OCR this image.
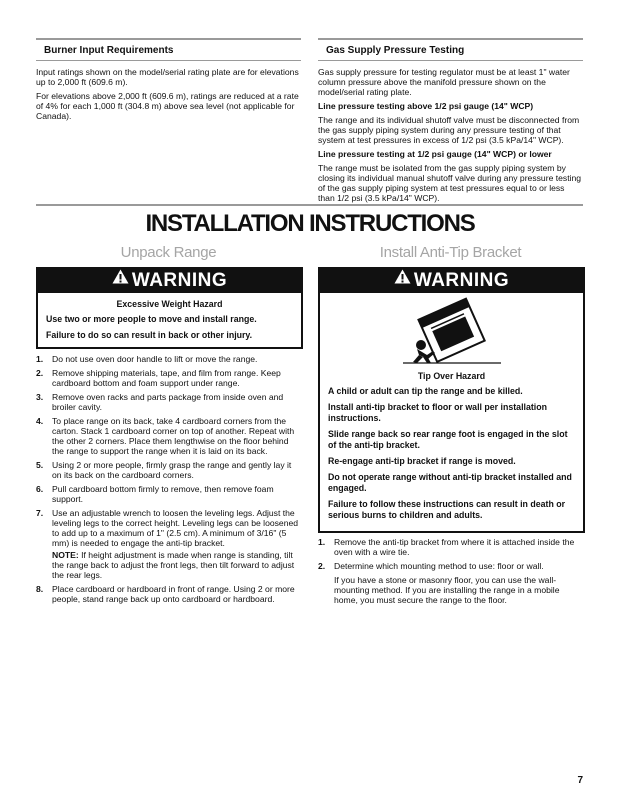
Burner Input Requirements

Input ratings shown on the model/serial rating plate are for elevations up to 2,000 ft (609.6 m).

For elevations above 2,000 ft (609.6 m), ratings are reduced at a rate of 4% for each 1,000 ft (304.8 m) above sea level (not applicable for Canada).

Gas Supply Pressure Testing

Gas supply pressure for testing regulator must be at least 1" water column pressure above the manifold pressure shown on the model/serial rating plate.

Line pressure testing above 1/2 psi gauge (14" WCP)

The range and its individual shutoff valve must be disconnected from the gas supply piping system during any pressure testing of that system at test pressures in excess of 1/2 psi (3.5 kPa/14" WCP).

Line pressure testing at 1/2 psi gauge (14" WCP) or lower

The range must be isolated from the gas supply piping system by closing its individual manual shutoff valve during any pressure testing of the gas supply piping system at test pressures equal to or less than 1/2 psi (3.5 kPa/14" WCP).

INSTALLATION INSTRUCTIONS
Unpack Range	Install Anti-Tip Bracket
WARNING
Excessive Weight Hazard
Use two or more people to move and install range.
Failure to do so can result in back or other injury.
1. Do not use oven door handle to lift or move the range.
2. Remove shipping materials, tape, and film from range. Keep cardboard bottom and foam support under range.
3. Remove oven racks and parts package from inside oven and broiler cavity.
4. To place range on its back, take 4 cardboard corners from the carton. Stack 1 cardboard corner on top of another. Repeat with the other 2 corners. Place them lengthwise on the floor behind the range to support the range when it is laid on its back.
5. Using 2 or more people, firmly grasp the range and gently lay it on its back on the cardboard corners.
6. Pull cardboard bottom firmly to remove, then remove foam support.
7. Use an adjustable wrench to loosen the leveling legs. Adjust the leveling legs to the correct height. Leveling legs can be loosened to add up to a maximum of 1" (2.5 cm). A minimum of 3/16" (5 mm) is needed to engage the anti-tip bracket.
NOTE: If height adjustment is made when range is standing, tilt the range back to adjust the front legs, then tilt forward to adjust the rear legs.
8. Place cardboard or hardboard in front of range. Using 2 or more people, stand range back up onto cardboard or hardboard.
WARNING
Tip Over Hazard
A child or adult can tip the range and be killed.
Install anti-tip bracket to floor or wall per installation instructions.
Slide range back so rear range foot is engaged in the slot of the anti-tip bracket.
Re-engage anti-tip bracket if range is moved.
Do not operate range without anti-tip bracket installed and engaged.
Failure to follow these instructions can result in death or serious burns to children and adults.
1. Remove the anti-tip bracket from where it is attached inside the oven with a wire tie.
2. Determine which mounting method to use: floor or wall.
If you have a stone or masonry floor, you can use the wall-mounting method. If you are installing the range in a mobile home, you must secure the range to the floor.
7
